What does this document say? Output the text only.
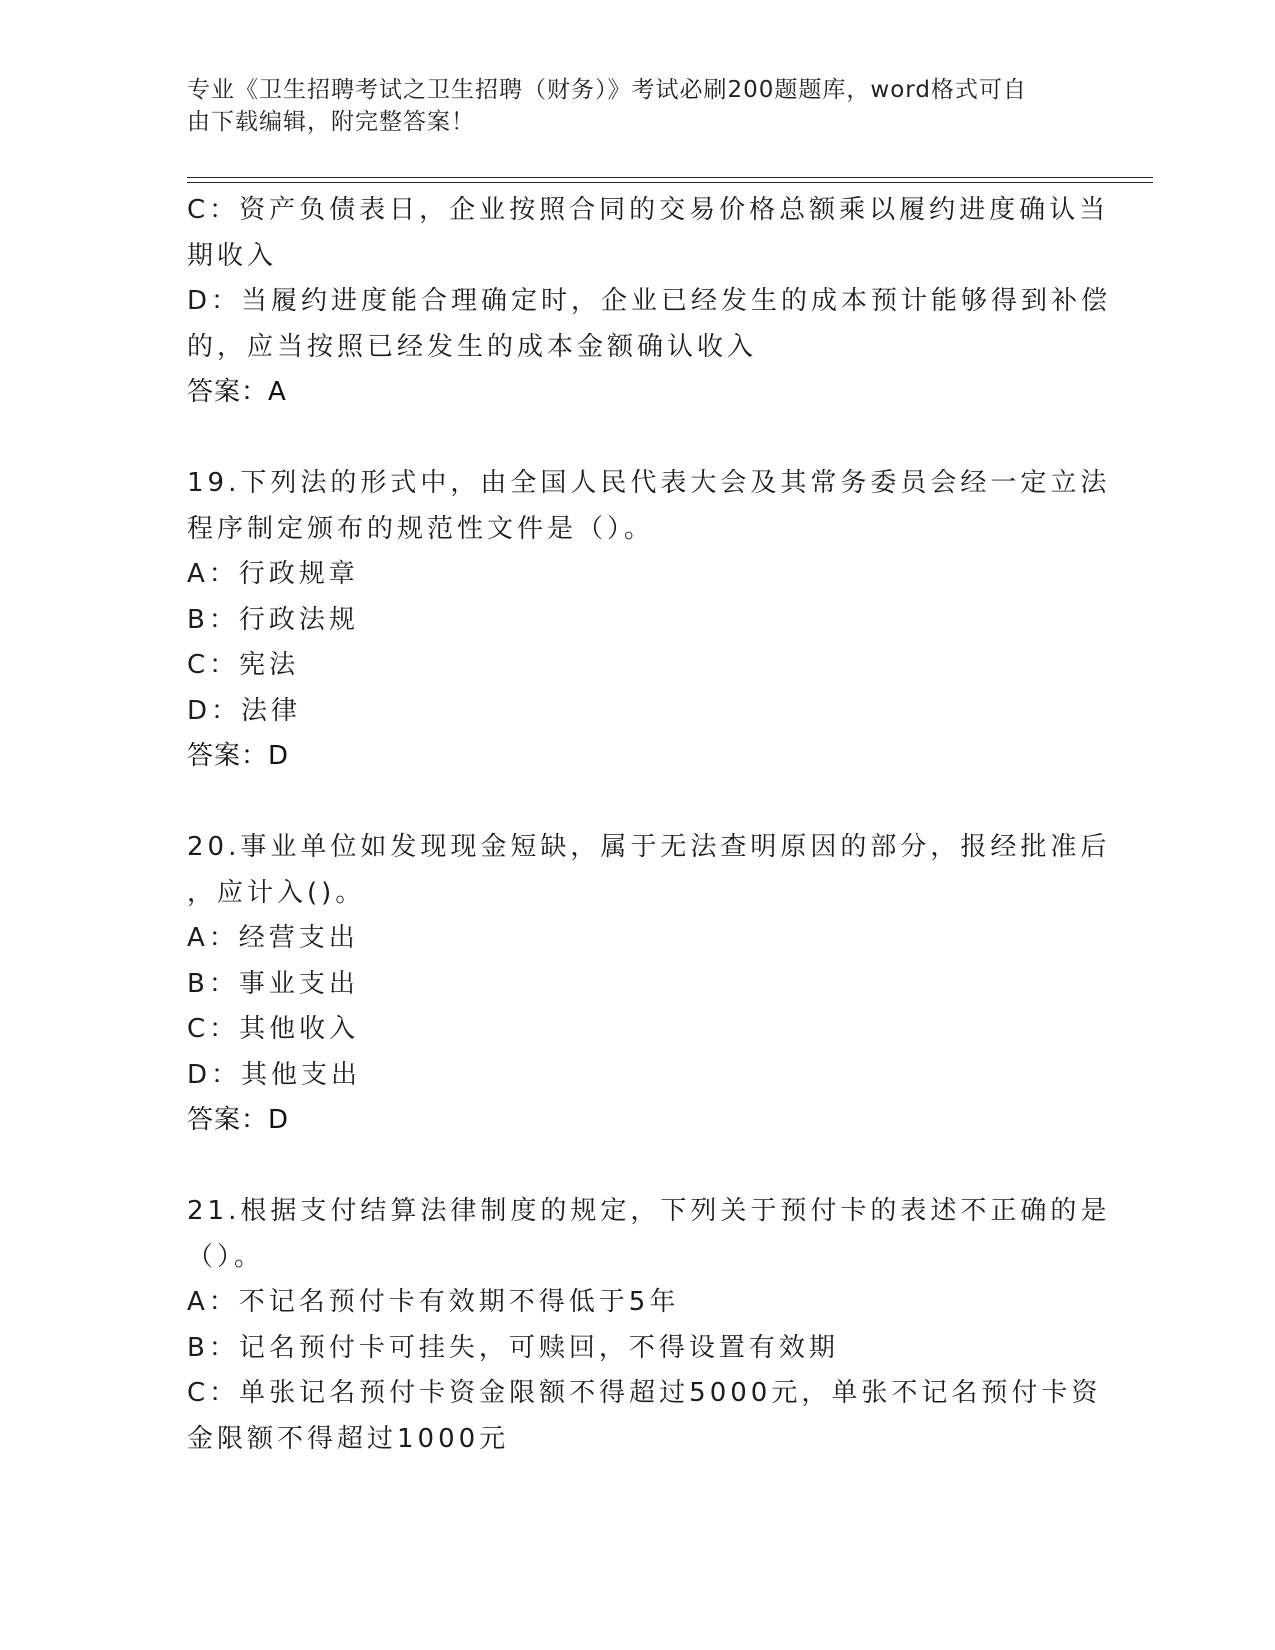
专业《卫生招聘考试之卫生招聘（财务）》考试必刷200题题库，word格式可自
由下载编辑，附完整答案！
C：资产负债表日，企业按照合同的交易价格总额乘以履约进度确认当
期收入
D：当履约进度能合理确定时，企业已经发生的成本预计能够得到补偿
的，应当按照已经发生的成本金额确认收入
答案：A
19.下列法的形式中，由全国人民代表大会及其常务委员会经一定立法
程序制定颁布的规范性文件是（）。
A：行政规章
B：行政法规
C：宪法
D：法律
答案：D
20.事业单位如发现现金短缺，属于无法查明原因的部分，报经批准后
，应计入()。
A：经营支出
B：事业支出
C：其他收入
D：其他支出
答案：D
21.根据支付结算法律制度的规定，下列关于预付卡的表述不正确的是
（）。
A：不记名预付卡有效期不得低于5年
B：记名预付卡可挂失，可赎回，不得设置有效期
C：单张记名预付卡资金限额不得超过5000元，单张不记名预付卡资
金限额不得超过1000元
